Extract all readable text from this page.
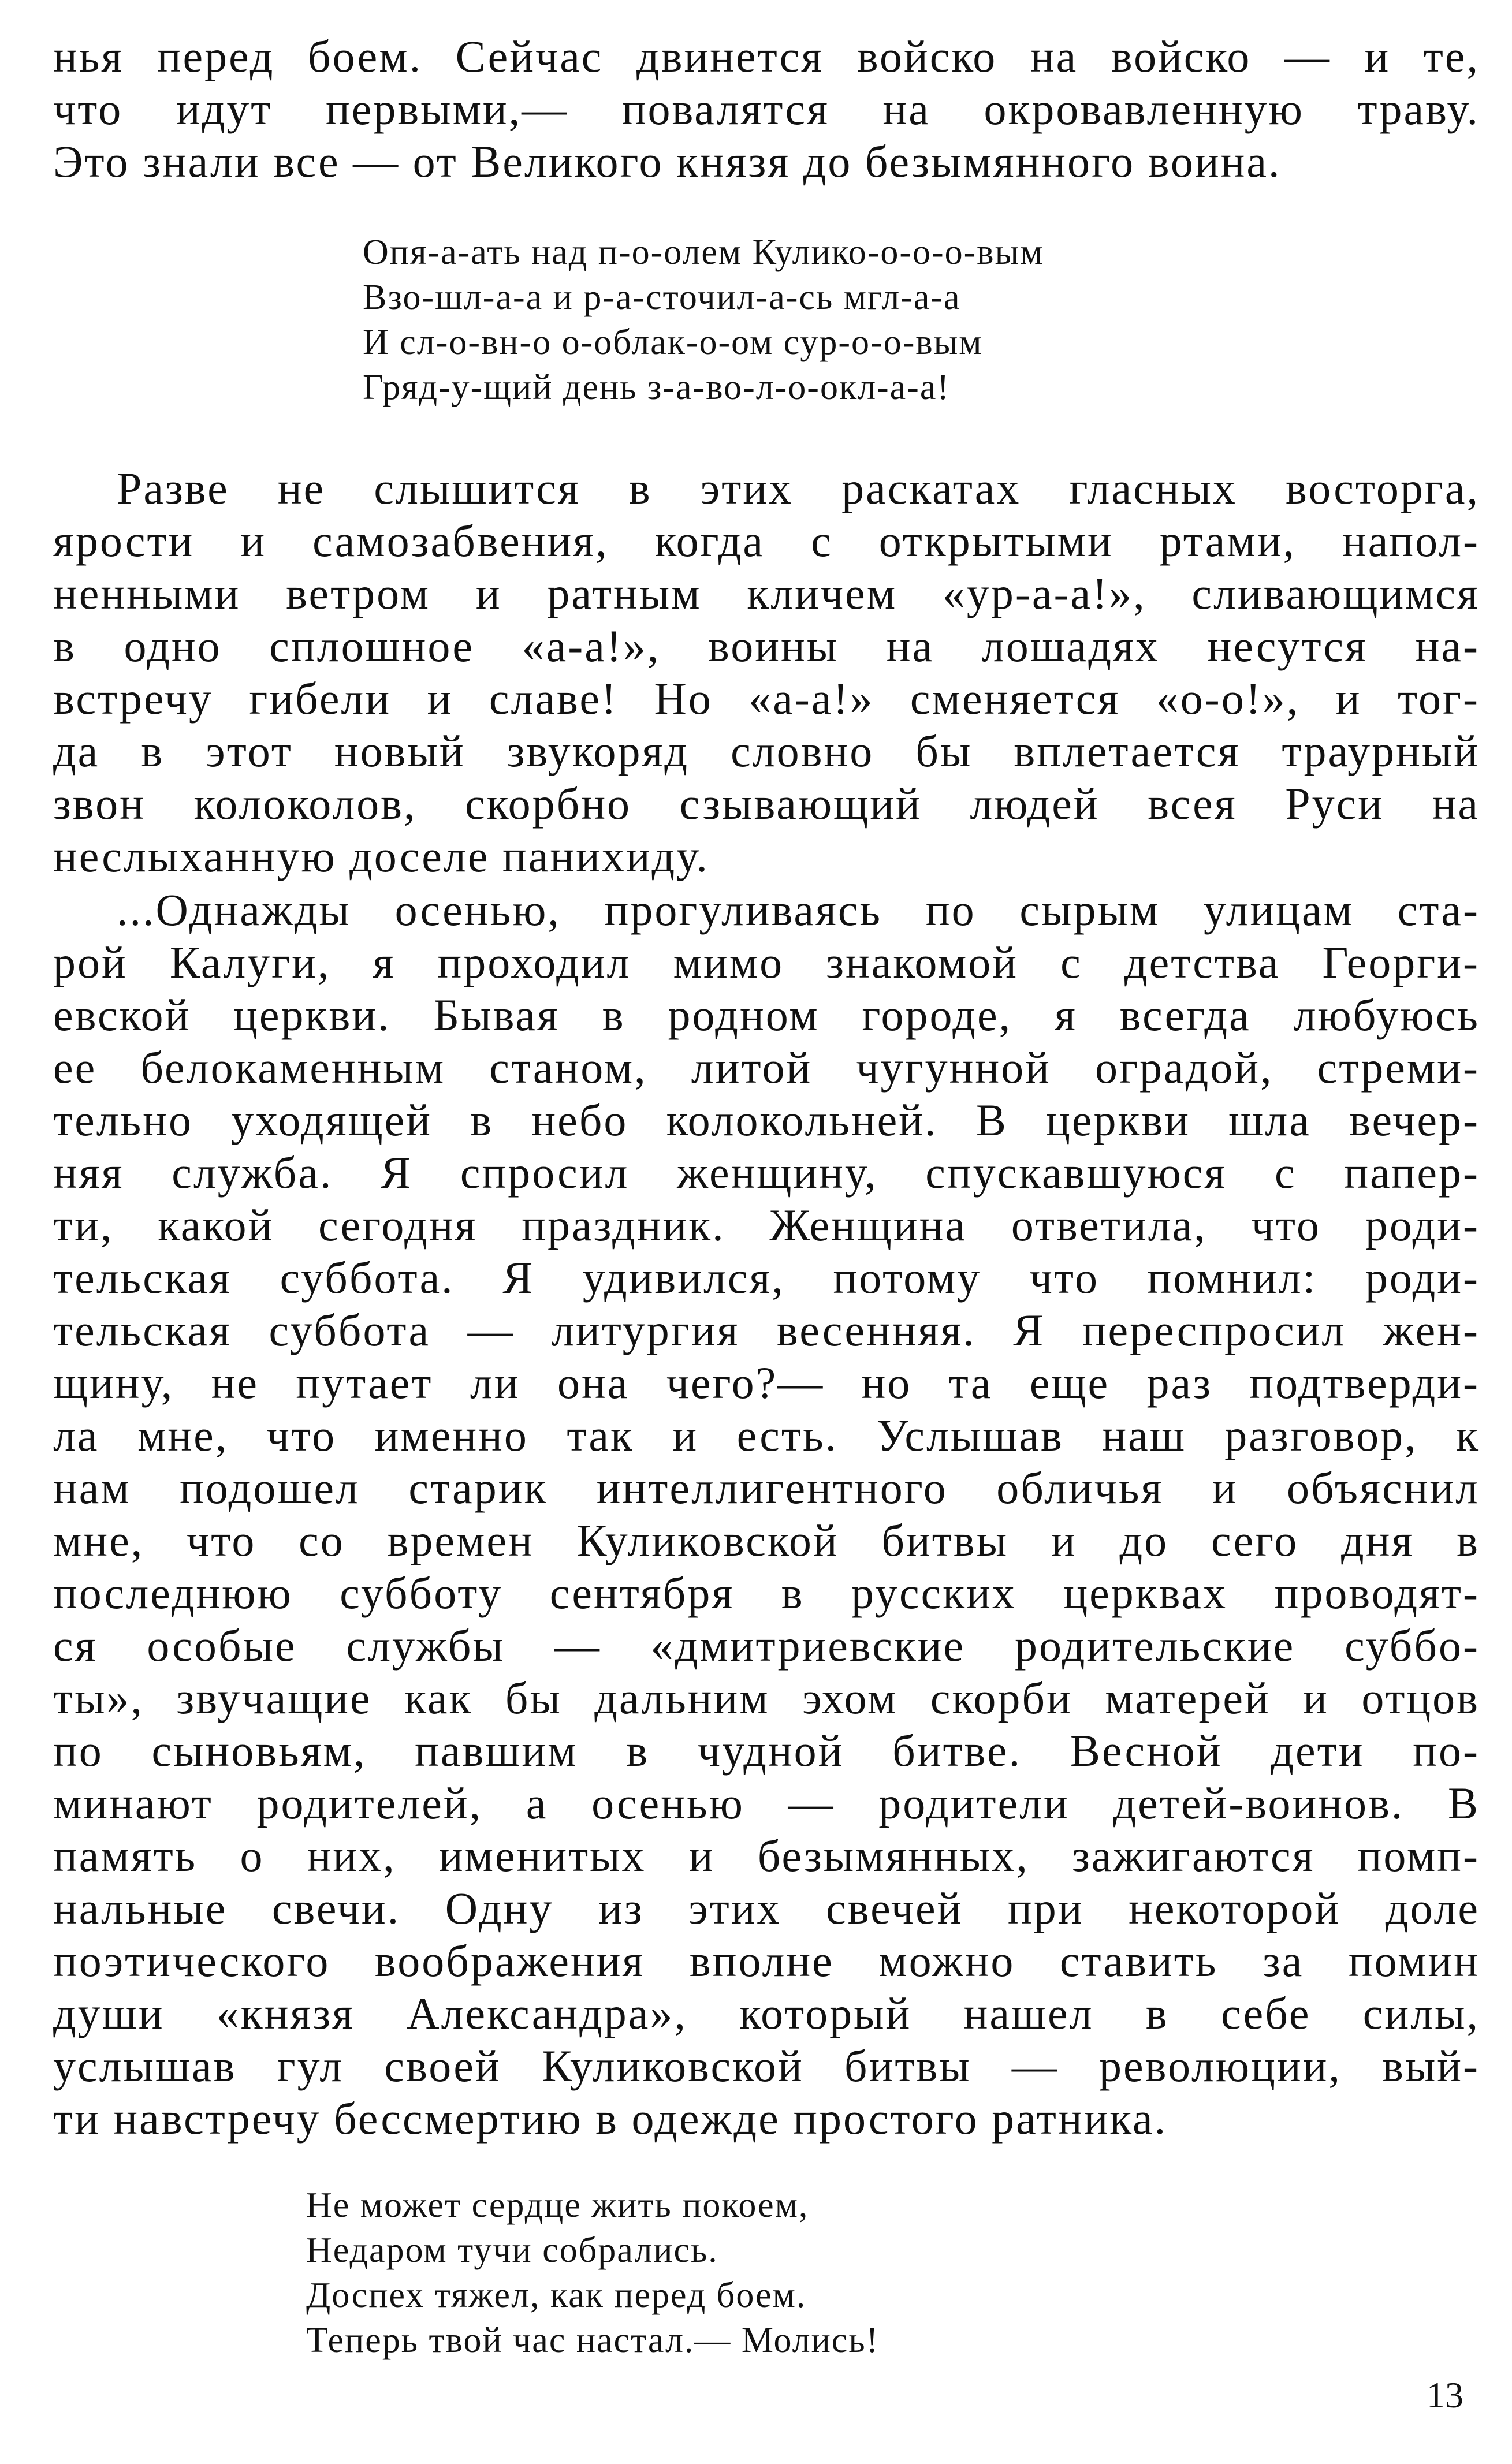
нья перед боем. Сейчас двинется войско на войско — и те,
что идут первыми,— повалятся на окровавленную траву.
Это знали все — от Великого князя до безымянного воина.
Опя-а-ать над п-о-олем Кулико-о-о-о-вым
Взо-шл-а-а и р-а-сточил-а-сь мгл-а-а
И сл-о-вн-о о-облак-о-ом сур-о-о-вым
Гряд-у-щий день з-а-во-л-о-окл-а-а!
Разве не слышится в этих раскатах гласных восторга,
ярости и самозабвения, когда с открытыми ртами, напол-
ненными ветром и ратным кличем «ур-а-а!», сливающимся
в одно сплошное «а-а!», воины на лошадях несутся на-
встречу гибели и славе! Но «а-а!» сменяется «о-о!», и тог-
да в этот новый звукоряд словно бы вплетается траурный
звон колоколов, скорбно сзывающий людей всея Руси на
неслыханную доселе панихиду.
...Однажды осенью, прогуливаясь по сырым улицам ста-
рой Калуги, я проходил мимо знакомой с детства Георги-
евской церкви. Бывая в родном городе, я всегда любуюсь
ее белокаменным станом, литой чугунной оградой, стреми-
тельно уходящей в небо колокольней. В церкви шла вечер-
няя служба. Я спросил женщину, спускавшуюся с папер-
ти, какой сегодня праздник. Женщина ответила, что роди-
тельская суббота. Я удивился, потому что помнил: роди-
тельская суббота — литургия весенняя. Я переспросил жен-
щину, не путает ли она чего?— но та еще раз подтверди-
ла мне, что именно так и есть. Услышав наш разговор, к
нам подошел старик интеллигентного обличья и объяснил
мне, что со времен Куликовской битвы и до сего дня в
последнюю субботу сентября в русских церквах проводят-
ся особые службы — «дмитриевские родительские суббо-
ты», звучащие как бы дальним эхом скорби матерей и отцов
по сыновьям, павшим в чудной битве. Весной дети по-
минают родителей, а осенью — родители детей-воинов. В
память о них, именитых и безымянных, зажигаются помп-
нальные свечи. Одну из этих свечей при некоторой доле
поэтического воображения вполне можно ставить за помин
души «князя Александра», который нашел в себе силы,
услышав гул своей Куликовской битвы — революции, вый-
ти навстречу бессмертию в одежде простого ратника.
Не может сердце жить покоем,
Недаром тучи собрались.
Доспех тяжел, как перед боем.
Теперь твой час настал.— Молись!
13
